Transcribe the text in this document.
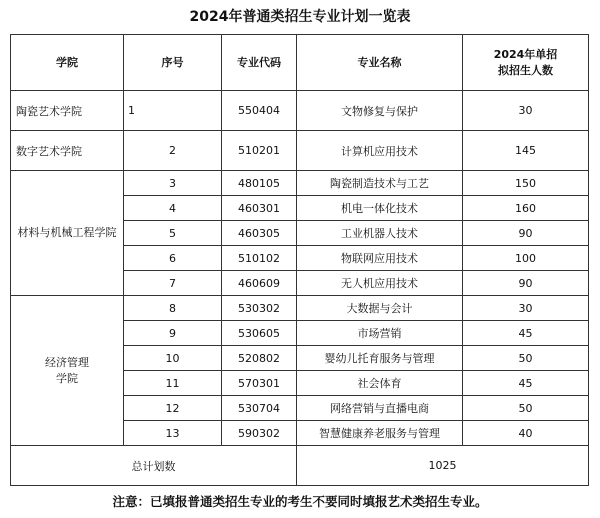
2024年普通类招生专业计划一览表
学院	序号	专业代码	专业名称	2024年单招
拟招生人数
陶瓷艺术学院	1	550404	文物修复与保护	30
数字艺术学院	2	510201	计算机应用技术	145
材料与机械工程学院	3	480105	陶瓷制造技术与工艺	150
	4	460301	机电一体化技术	160
	5	460305	工业机器人技术	90
	6	510102	物联网应用技术	100
	7	460609	无人机应用技术	90
经济管理
学院	8	530302	大数据与会计	30
	9	530605	市场营销	45
	10	520802	婴幼儿托育服务与管理	50
	11	570301	社会体育	45
	12	530704	网络营销与直播电商	50
	13	590302	智慧健康养老服务与管理	40
总计划数			1025	
注意：已填报普通类招生专业的考生不要同时填报艺术类招生专业。
